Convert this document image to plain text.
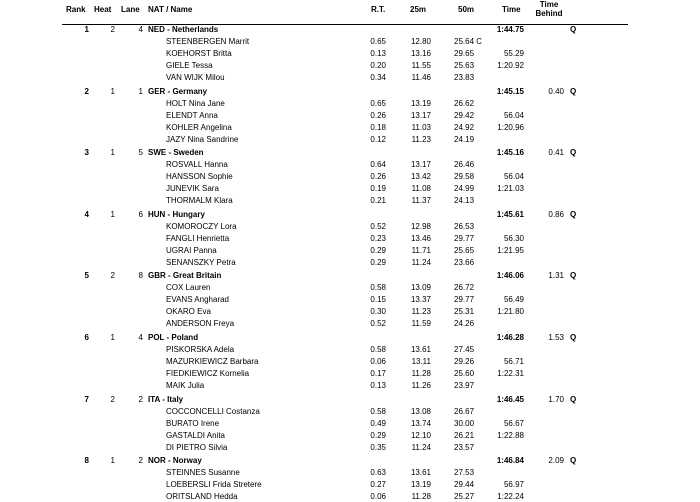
Rank Heat Lane NAT / Name	R.T.	25m	50m	Time
Time
Behind
1	2	4 NED - Netherlands	1:44.75	Q
STEENBERGEN Marrit	0.65	12.80	25.64 C
KOEHORST Britta	0.13	13.16	29.65	55.29
GIELE Tessa	0.20	11.55	25.63	1:20.92
VAN WIJK Milou	0.34	11.46	23.83
2	1	1 GER - Germany	1:45.15	0.40 Q
HOLT Nina Jane	0.65	13.19	26.62
ELENDT Anna	0.26	13.17	29.42	56.04
KOHLER Angelina	0.18	11.03	24.92	1:20.96
JAZY Nina Sandrine	0.12	11.23	24.19
3	1	5 SWE - Sweden	1:45.16	0.41 Q
ROSVALL Hanna	0.64	13.17	26.46
HANSSON Sophie	0.26	13.42	29.58	56.04
JUNEVIK Sara	0.19	11.08	24.99	1:21.03
THORMALM Klara	0.21	11.37	24.13
4	1	6 HUN - Hungary	1:45.61	0.86 Q
KOMOROCZY Lora	0.52	12.98	26.53
FANGLI Henrietta	0.23	13.46	29.77	56.30
UGRAI Panna	0.29	11.71	25.65	1:21.95
SENANSZKY Petra	0.29	11.24	23.66
5	2	8 GBR - Great Britain	1:46.06	1.31 Q
COX Lauren	0.58	13.09	26.72
EVANS Angharad	0.15	13.37	29.77	56.49
OKARO Eva	0.30	11.23	25.31	1:21.80
ANDERSON Freya	0.52	11.59	24.26
6	1	4 POL - Poland	1:46.28	1.53 Q
PISKORSKA Adela	0.58	13.61	27.45
MAZURKIEWICZ Barbara	0.06	13.11	29.26	56.71
FIEDKIEWICZ Kornelia	0.17	11.28	25.60	1:22.31
MAIK Julia	0.13	11.26	23.97
7	2	2 ITA - Italy	1:46.45	1.70 Q
COCCONCELLI Costanza	0.58	13.08	26.67
BURATO Irene	0.49	13.74	30.00	56.67
GASTALDI Anita	0.29	12.10	26.21	1:22.88
DI PIETRO Silvia	0.35	11.24	23.57
8	1	2 NOR - Norway	1:46.84	2.09 Q
STEINNES Susanne	0.63	13.61	27.53
LOEBERSLI Frida Stretere	0.27	13.19	29.44	56.97
ORITSLAND Hedda	0.06	11.28	25.27	1:22.24
